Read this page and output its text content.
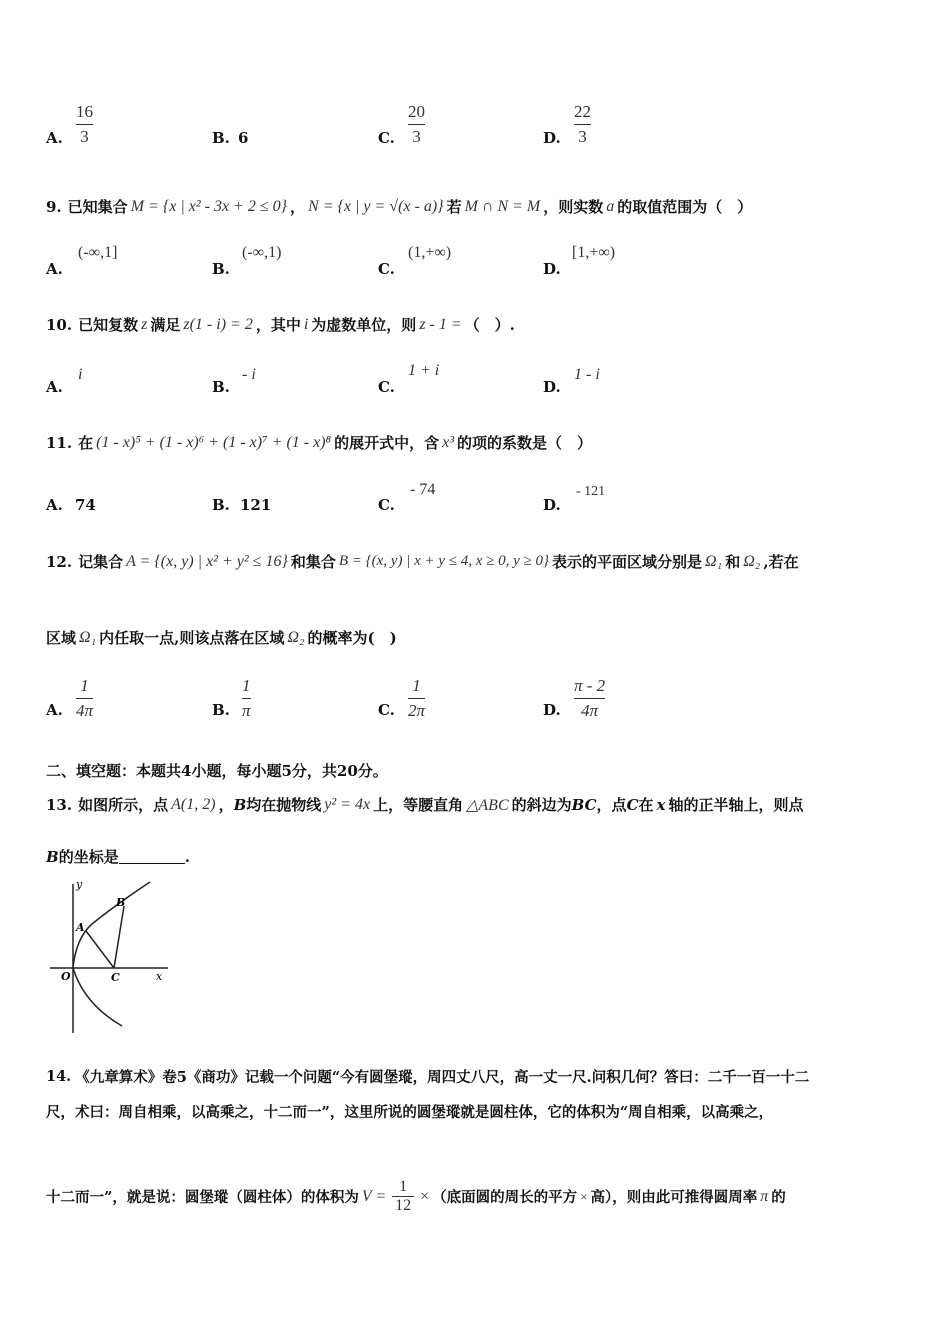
A.
16
3	B. 6	C.
20
3	D.
22
3
9. 已知集合 M = {x | x² - 3x + 2 ≤ 0} ， N = {x | y = √(x - a)} 若 M ∩ N = M ，则实数 a 的取值范围为（　）
A.
(-∞,1]
B.
(-∞,1)
C.
(1,+∞)
D.
[1,+∞)
10. 已知复数 z 满足 z(1 - i) = 2 ，其中 i 为虚数单位，则 z - 1 = （　）.
A.
i
B.
- i
C.
1 + i
D.
1 - i
11. 在 (1 - x)⁵ + (1 - x)⁶ + (1 - x)⁷ + (1 - x)⁸ 的展开式中，含 x³ 的项的系数是（　）
A. 74	B. 121	C.
- 74
D.
- 121
12. 记集合 A = {(x, y) | x² + y² ≤ 16} 和集合 B = {(x, y) | x + y ≤ 4, x ≥ 0, y ≥ 0} 表示的平面区域分别是 Ω₁ 和 Ω₂ ,若在
区域 Ω₁ 内任取一点,则该点落在区域 Ω₂ 的概率为(　)
A.
1
4π	B.
1
π	C.
1
2π	D.
π - 2
4π
二、填空题：本题共4小题，每小题5分，共20分。
13. 如图所示，点 A(1, 2) ， B 均在抛物线 y² = 4x 上，等腰直角 △ABC 的斜边为 BC ，点 C 在 x 轴的正半轴上，则点
B 的坐标是	.
y
x
O
A
B
C
14. 《九章算术》卷5《商功》记载一个问题“今有圆堡瑽，周四丈八尺，高一丈一尺.问积几何？答曰：二千一百一十二
尺，术曰：周自相乘，以高乘之，十二而一”，这里所说的圆堡瑽就是圆柱体，它的体积为“周自相乘，以高乘之，
十二而一”，就是说：圆堡瑽（圆柱体）的体积为 V =
1
12
× （底面圆的周长的平方 × 高），则由此可推得圆周率 π 的
